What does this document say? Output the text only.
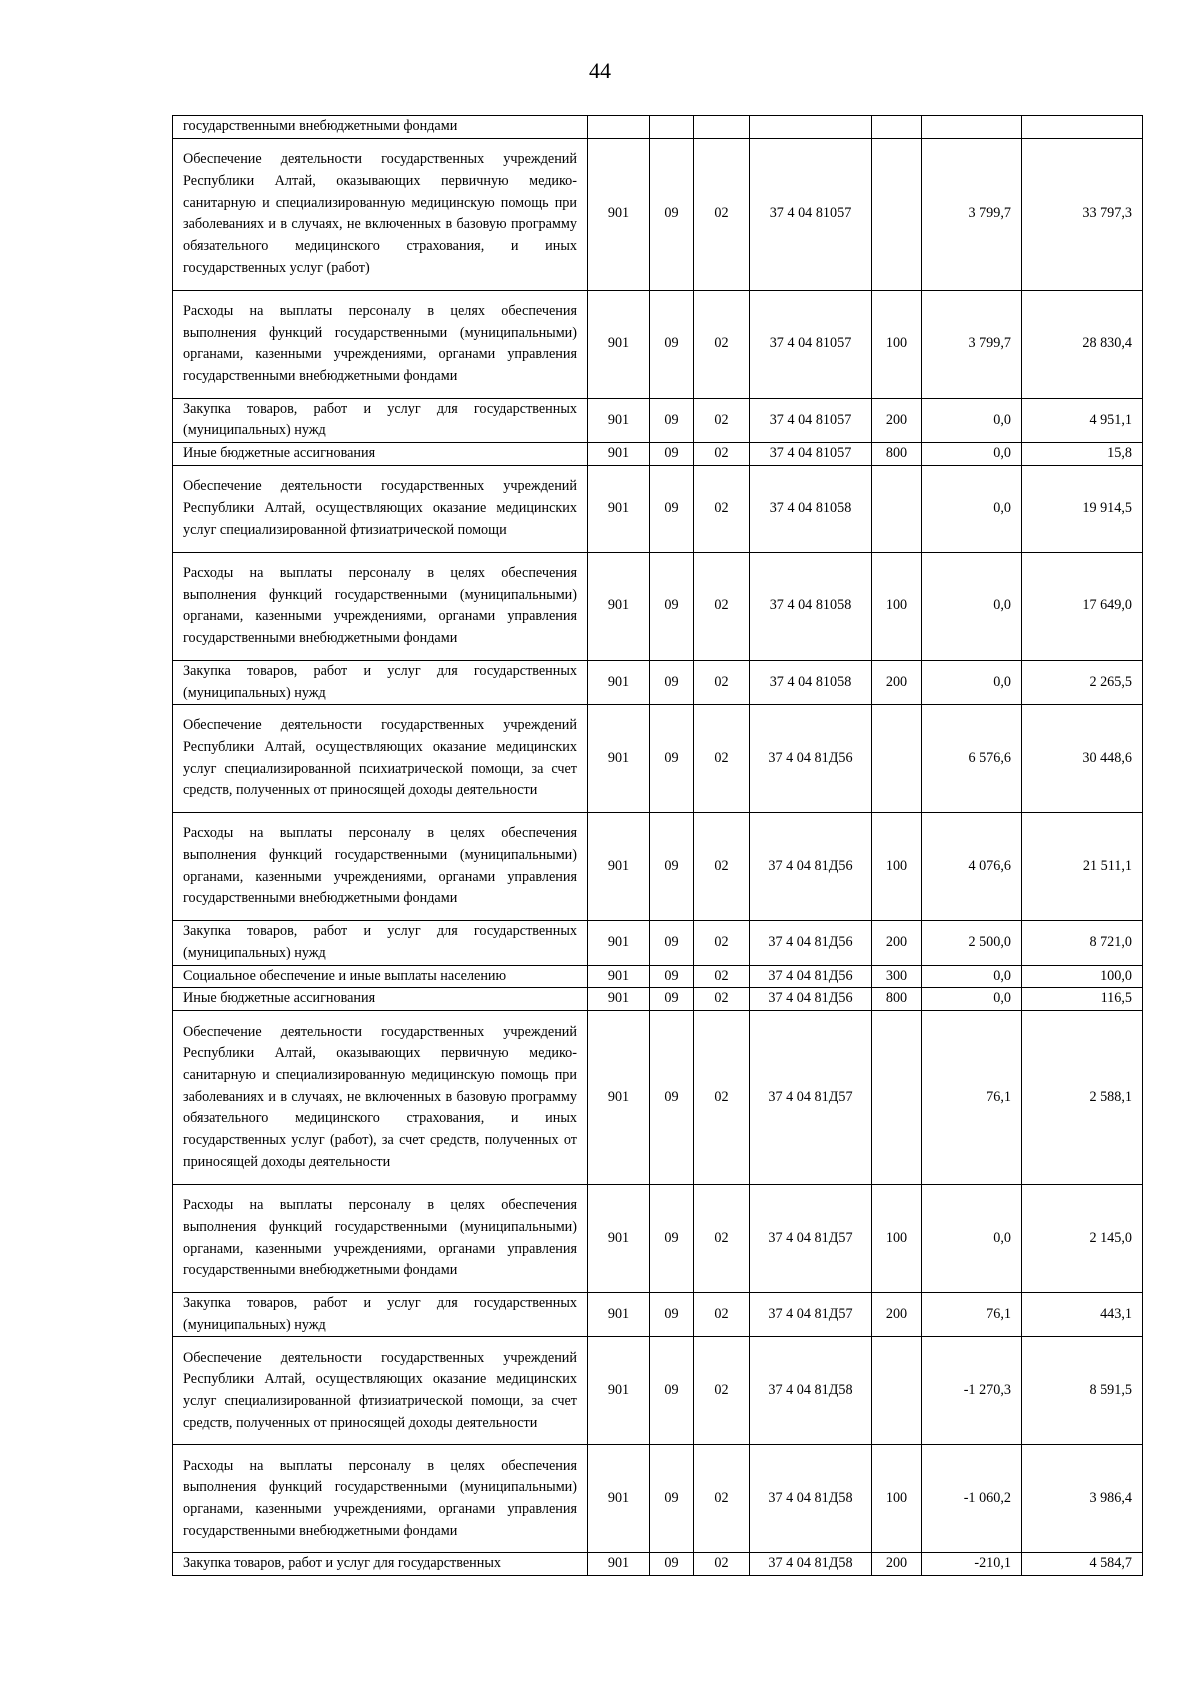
44
государственными внебюджетными фондами							
Обеспечение деятельности государственных учреждений Республики Алтай, оказывающих первичную медико-санитарную и специализированную медицинскую помощь при заболеваниях и в случаях, не включенных в базовую программу обязательного медицинского страхования, и иных государственных услуг (работ)	901	09	02	37 4 04 81057		3 799,7	33 797,3
Расходы на выплаты персоналу в целях обеспечения выполнения функций государственными (муниципальными) органами, казенными учреждениями, органами управления государственными внебюджетными фондами	901	09	02	37 4 04 81057	100	3 799,7	28 830,4
Закупка товаров, работ и услуг для государственных (муниципальных) нужд	901	09	02	37 4 04 81057	200	0,0	4 951,1
Иные бюджетные ассигнования	901	09	02	37 4 04 81057	800	0,0	15,8
Обеспечение деятельности государственных учреждений Республики Алтай, осуществляющих оказание медицинских услуг специализированной фтизиатрической помощи	901	09	02	37 4 04 81058		0,0	19 914,5
Расходы на выплаты персоналу в целях обеспечения выполнения функций государственными (муниципальными) органами, казенными учреждениями, органами управления государственными внебюджетными фондами	901	09	02	37 4 04 81058	100	0,0	17 649,0
Закупка товаров, работ и услуг для государственных (муниципальных) нужд	901	09	02	37 4 04 81058	200	0,0	2 265,5
Обеспечение деятельности государственных учреждений Республики Алтай, осуществляющих оказание медицинских услуг специализированной психиатрической помощи, за счет средств, полученных от приносящей доходы деятельности	901	09	02	37 4 04 81Д56		6 576,6	30 448,6
Расходы на выплаты персоналу в целях обеспечения выполнения функций государственными (муниципальными) органами, казенными учреждениями, органами управления государственными внебюджетными фондами	901	09	02	37 4 04 81Д56	100	4 076,6	21 511,1
Закупка товаров, работ и услуг для государственных (муниципальных) нужд	901	09	02	37 4 04 81Д56	200	2 500,0	8 721,0
Социальное обеспечение и иные выплаты населению	901	09	02	37 4 04 81Д56	300	0,0	100,0
Иные бюджетные ассигнования	901	09	02	37 4 04 81Д56	800	0,0	116,5
Обеспечение деятельности государственных учреждений Республики Алтай, оказывающих первичную медико-санитарную и специализированную медицинскую помощь при заболеваниях и в случаях, не включенных в базовую программу обязательного медицинского страхования, и иных государственных услуг (работ), за счет средств, полученных от приносящей доходы деятельности	901	09	02	37 4 04 81Д57		76,1	2 588,1
Расходы на выплаты персоналу в целях обеспечения выполнения функций государственными (муниципальными) органами, казенными учреждениями, органами управления государственными внебюджетными фондами	901	09	02	37 4 04 81Д57	100	0,0	2 145,0
Закупка товаров, работ и услуг для государственных (муниципальных) нужд	901	09	02	37 4 04 81Д57	200	76,1	443,1
Обеспечение деятельности государственных учреждений Республики Алтай, осуществляющих оказание медицинских услуг специализированной фтизиатрической помощи, за счет средств, полученных от приносящей доходы деятельности	901	09	02	37 4 04 81Д58		-1 270,3	8 591,5
Расходы на выплаты персоналу в целях обеспечения выполнения функций государственными (муниципальными) органами, казенными учреждениями, органами управления государственными внебюджетными фондами	901	09	02	37 4 04 81Д58	100	-1 060,2	3 986,4
Закупка товаров, работ и услуг для государственных	901	09	02	37 4 04 81Д58	200	-210,1	4 584,7
